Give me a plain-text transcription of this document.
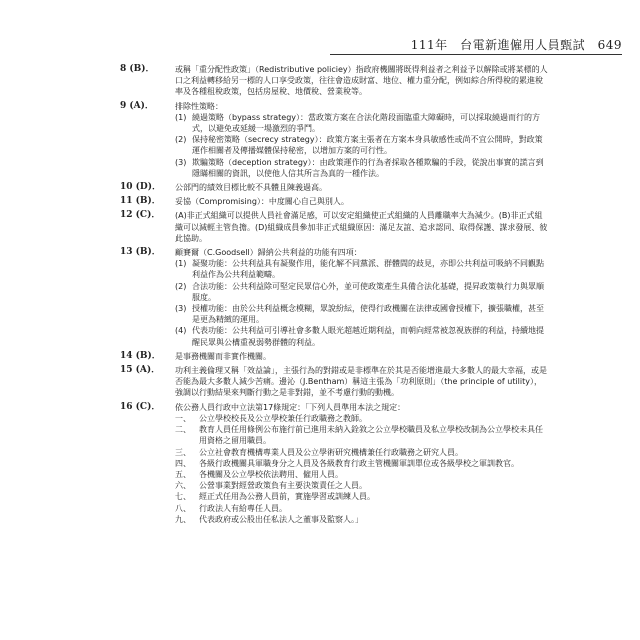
111年　台電新進僱用人員甄試　649
8 (B)．	或稱「重分配性政策」（Redistributive policiey）指政府機關將既得利益者之利益予以解除或將某標的人口之利益轉移給另一標的人口享受政策，往往會造成財富、地位、權力重分配，例如綜合所得稅的累進稅率及各種租稅政策，包括房屋稅、地價稅、營業稅等。
9 (A)．	排除性策略：
(1) 繞過策略（bypass strategy）：當政策方案在合法化階段面臨重大障礙時，可以採取繞過而行的方式，以避免或延緩一場激烈的爭鬥。
(2) 保持秘密策略（secrecy strategy）：政策方案主張者在方案本身具敏感性或尚不宜公開時，對政策運作相關者及傳播媒體保持秘密，以增加方案的可行性。
(3) 欺騙策略（deception strategy）：由政策運作的行為者採取各種欺騙的手段，從說出事實的謊言到隱瞞相關的資訊，以使他人信其所言為真的一種作法。
10 (D)．	公部門的績效目標比較不具體且陳義過高。
11 (B)．	妥協（Compromising）：中度關心自己與別人。
12 (C)．	(A)非正式組織可以提供人員社會滿足感，可以安定組織使正式組織的人員離職率大為減少。(B)非正式組織可以減輕主管負擔。(D)組織成員參加非正式組織原因：滿足友誼、追求認同、取得保護、謀求發展、彼此協助。
13 (B)．	顧賽爾（C.Goodsell）歸納公共利益的功能有四項：
(1) 凝聚功能：公共利益具有凝聚作用，能化解不同黨派、群體間的歧見，亦即公共利益可吸納不同觀點利益作為公共利益範疇。
(2) 合法功能：公共利益除可堅定民眾信心外，並可使政策產生具備合法化基礎，提昇政策執行力與眾順服度。
(3) 授權功能：由於公共利益概念模糊，眾說紛紜，使得行政機關在法律或國會授權下，擴張職權，甚至是更為精緻的運用。
(4) 代表功能：公共利益可引導社會多數人眼光超越近期利益，而朝向經常被忽視族群的利益，持續地提醒民眾與公構重視弱勢群體的利益。
14 (B)．	是事務機關而非實作機關。
15 (A)．	功利主義倫理又稱「效益論」，主張行為的對錯或是非標準在於其是否能增進最大多數人的最大幸福，或是否能為最大多數人減少苦痛。邊沁（J.Bentham）稱這主張為「功利原則」（the principle of utility），強調以行動結果來判斷行動之是非對錯，並不考慮行動的動機。
16 (C)．	依公務人員行政中立法第17條規定：「下列人員準用本法之規定：
一、 公立學校校長及公立學校兼任行政職務之教師。
二、 教育人員任用條例公布施行前已進用未納入銓敘之公立學校職員及私立學校改制為公立學校未具任用資格之留用職員。
三、 公立社會教育機構專業人員及公立學術研究機構兼任行政職務之研究人員。
四、 各級行政機關具軍職身分之人員及各級教育行政主管機關軍訓單位或各級學校之軍訓教官。
五、 各機關及公立學校依法聘用、僱用人員。
六、 公營事業對經營政策負有主要決策責任之人員。
七、 經正式任用為公務人員前，實施學習或訓練人員。
八、 行政法人有給專任人員。
九、 代表政府或公股出任私法人之董事及監察人。」
